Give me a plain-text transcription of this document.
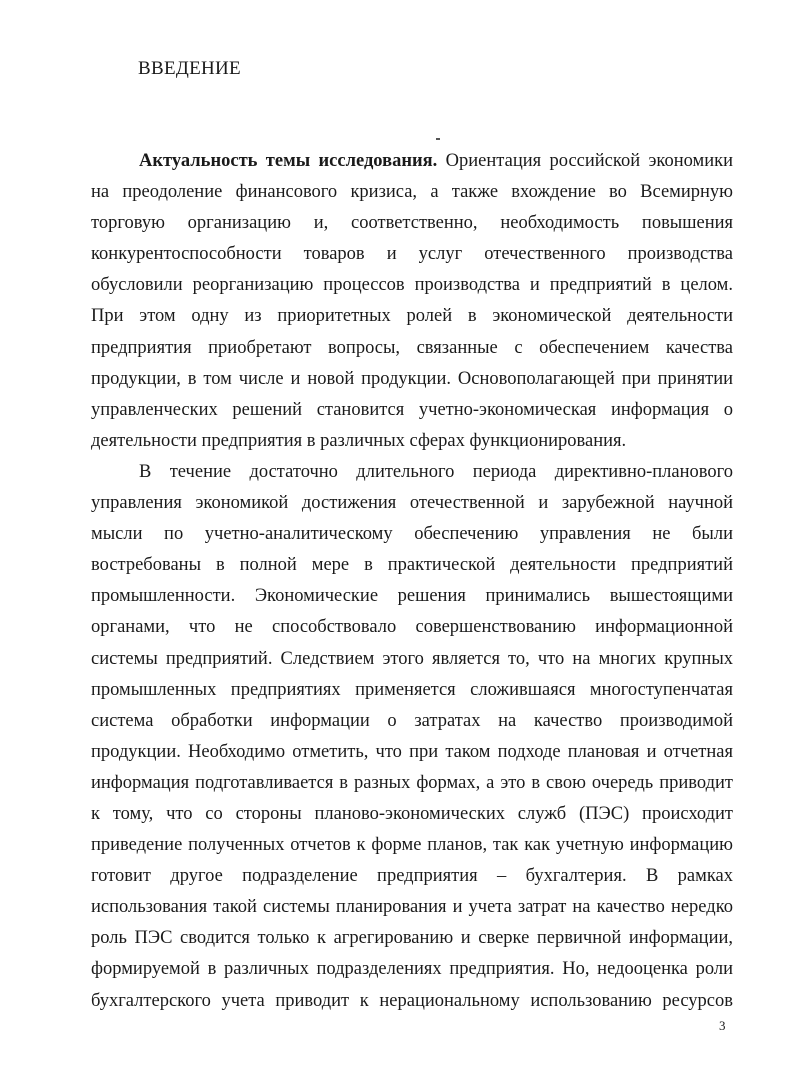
ВВЕДЕНИЕ
Актуальность темы исследования. Ориентация российской экономики
на преодоление финансового кризиса, а также вхождение во Всемирную
торговую организацию и, соответственно, необходимость повышения
конкурентоспособности товаров и услуг отечественного производства
обусловили реорганизацию процессов производства и предприятий в целом.
При этом одну из приоритетных ролей в экономической деятельности
предприятия приобретают вопросы, связанные с обеспечением качества
продукции, в том числе и новой продукции. Основополагающей при принятии
управленческих решений становится учетно-экономическая информация о
деятельности предприятия в различных сферах функционирования.
В течение достаточно длительного периода директивно-планового
управления экономикой достижения отечественной и зарубежной научной
мысли по учетно-аналитическому обеспечению управления не были
востребованы в полной мере в практической деятельности предприятий
промышленности. Экономические решения принимались вышестоящими
органами, что не способствовало совершенствованию информационной
системы предприятий. Следствием этого является то, что на многих крупных
промышленных предприятиях применяется сложившаяся многоступенчатая
система обработки информации о затратах на качество производимой
продукции. Необходимо отметить, что при таком подходе плановая и отчетная
информация подготавливается в разных формах, а это в свою очередь приводит
к тому, что со стороны планово-экономических служб (ПЭС) происходит
приведение полученных отчетов к форме планов, так как учетную информацию
готовит другое подразделение предприятия – бухгалтерия. В рамках
использования такой системы планирования и учета затрат на качество нередко
роль ПЭС сводится только к агрегированию и сверке первичной информации,
формируемой в различных подразделениях предприятия. Но, недооценка роли
бухгалтерского учета приводит к нерациональному использованию ресурсов
3
